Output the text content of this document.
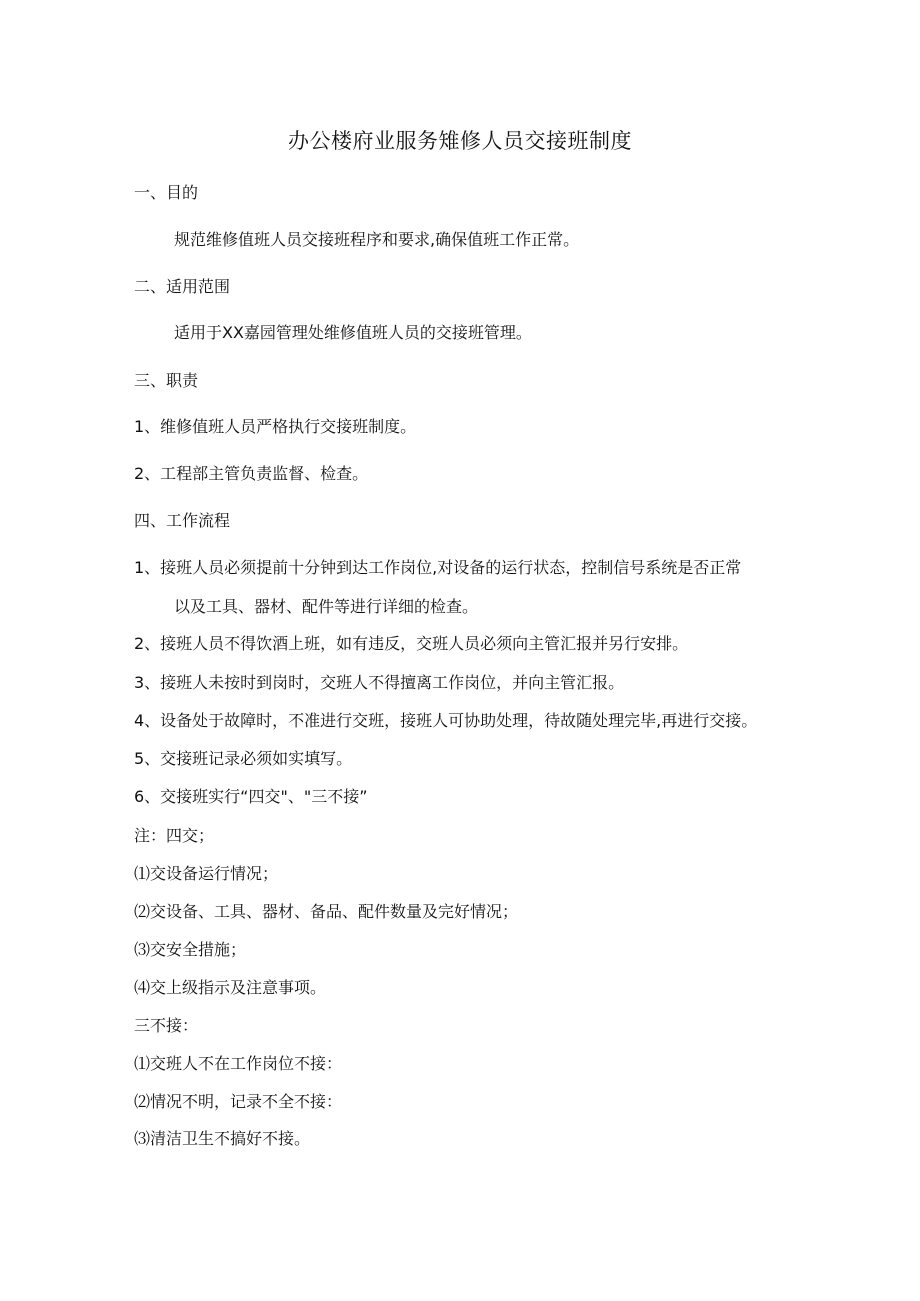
办公楼府业服务雉修人员交接班制度
一、目的
规范维修值班人员交接班程序和要求,确保值班工作正常。
二、适用范围
适用于XX嘉园管理处维修值班人员的交接班管理。
三、职责
1、维修值班人员严格执行交接班制度。
2、工程部主管负责监督、检查。
四、工作流程
1、接班人员必须提前十分钟到达工作岗位,对设备的运行状态，控制信号系统是否正常
以及工具、器材、配件等进行详细的检查。
2、接班人员不得饮酒上班，如有违反，交班人员必须向主管汇报并另行安排。
3、接班人未按时到岗时，交班人不得擅离工作岗位，并向主管汇报。
4、设备处于故障时，不准进行交班，接班人可协助处理，待故随处理完毕,再进行交接。
5、交接班记录必须如实填写。
6、交接班实行“四交"、"三不接”
注：四交；
⑴交设备运行情况；
⑵交设备、工具、器材、备品、配件数量及完好情况；
⑶交安全措施；
⑷交上级指示及注意事项。
三不接：
⑴交班人不在工作岗位不接：
⑵情况不明，记录不全不接：
⑶清洁卫生不搞好不接。
